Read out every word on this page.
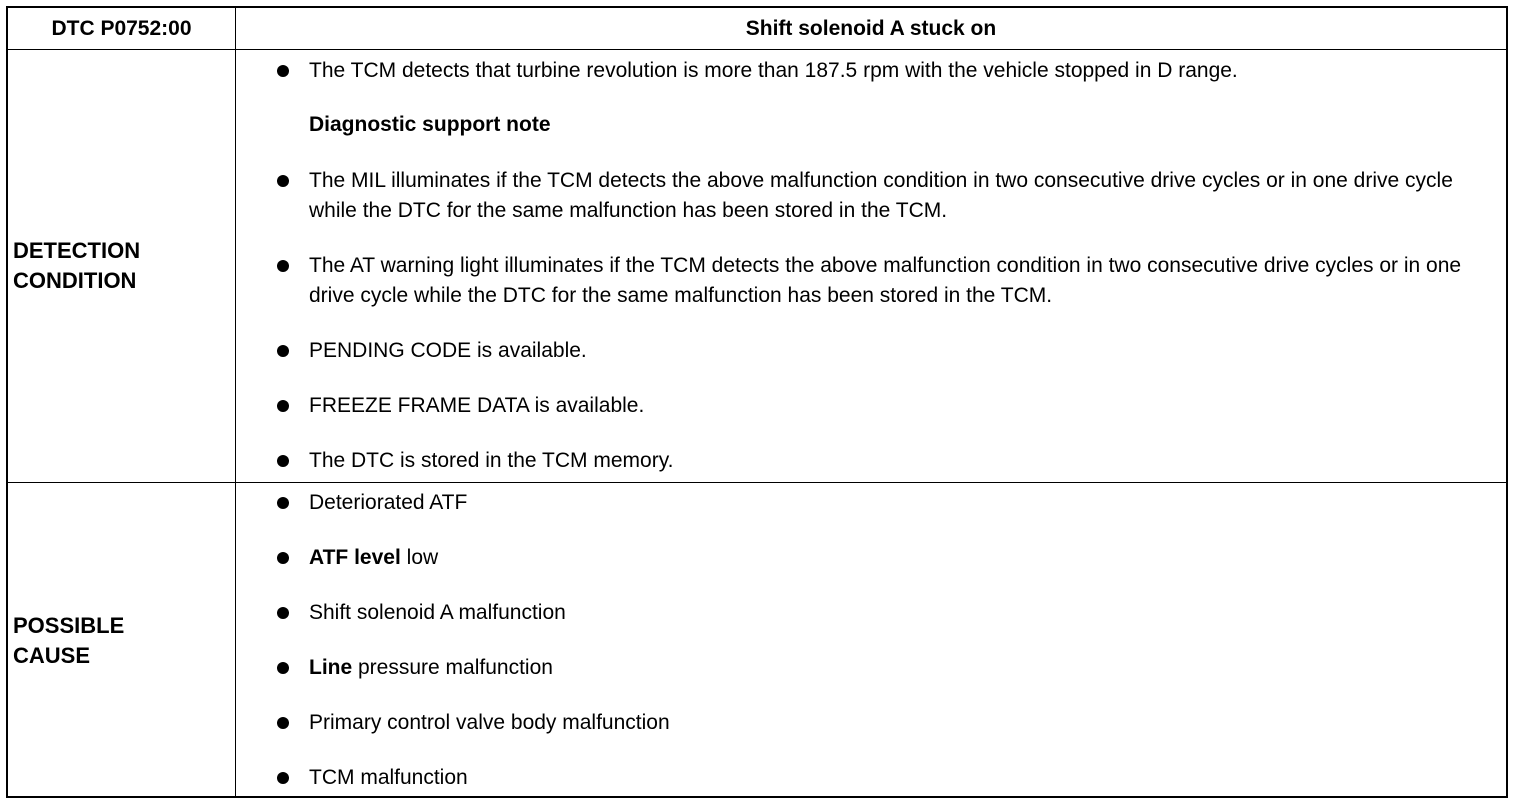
DTC P0752:00	Shift solenoid A stuck on
DETECTION
CONDITION
POSSIBLE
CAUSE
The TCM detects that turbine revolution is more than 187.5 rpm with the vehicle stopped in D range.
Diagnostic support note
The MIL illuminates if the TCM detects the above malfunction condition in two consecutive drive cycles or in one drive cycle while the DTC for the same malfunction has been stored in the TCM.
The AT warning light illuminates if the TCM detects the above malfunction condition in two consecutive drive cycles or in one drive cycle while the DTC for the same malfunction has been stored in the TCM.
PENDING CODE is available.
FREEZE FRAME DATA is available.
The DTC is stored in the TCM memory.
Deteriorated ATF
ATF level low
Shift solenoid A malfunction
Line pressure malfunction
Primary control valve body malfunction
TCM malfunction
